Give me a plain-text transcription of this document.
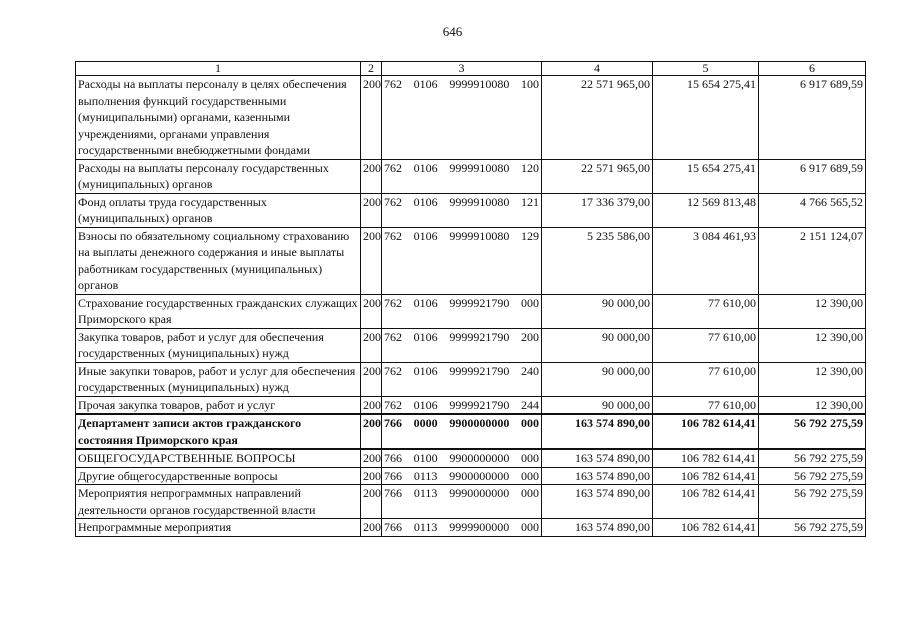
646
1	2	3	4	5	6
Расходы на выплаты персоналу в целях обеспечения выполнения функций государственными (муниципальными) органами, казенными учреждениями, органами управления государственными внебюджетными фондами	200	762 0106 9999910080 100	22 571 965,00	15 654 275,41	6 917 689,59
Расходы на выплаты персоналу государственных (муниципальных) органов	200	762 0106 9999910080 120	22 571 965,00	15 654 275,41	6 917 689,59
Фонд оплаты труда государственных (муниципальных) органов	200	762 0106 9999910080 121	17 336 379,00	12 569 813,48	4 766 565,52
Взносы по обязательному социальному страхованию на выплаты денежного содержания и иные выплаты работникам государственных (муниципальных) органов	200	762 0106 9999910080 129	5 235 586,00	3 084 461,93	2 151 124,07
Страхование государственных гражданских служащих Приморского края	200	762 0106 9999921790 000	90 000,00	77 610,00	12 390,00
Закупка товаров, работ и услуг для обеспечения государственных (муниципальных) нужд	200	762 0106 9999921790 200	90 000,00	77 610,00	12 390,00
Иные закупки товаров, работ и услуг для обеспечения государственных (муниципальных) нужд	200	762 0106 9999921790 240	90 000,00	77 610,00	12 390,00
Прочая закупка товаров, работ и услуг	200	762 0106 9999921790 244	90 000,00	77 610,00	12 390,00
Департамент записи актов гражданского состояния Приморского края	200	766 0000 9900000000 000	163 574 890,00	106 782 614,41	56 792 275,59
ОБЩЕГОСУДАРСТВЕННЫЕ ВОПРОСЫ	200	766 0100 9900000000 000	163 574 890,00	106 782 614,41	56 792 275,59
Другие общегосударственные вопросы	200	766 0113 9900000000 000	163 574 890,00	106 782 614,41	56 792 275,59
Мероприятия непрограммных направлений деятельности органов государственной власти	200	766 0113 9990000000 000	163 574 890,00	106 782 614,41	56 792 275,59
Непрограммные мероприятия	200	766 0113 9999900000 000	163 574 890,00	106 782 614,41	56 792 275,59
